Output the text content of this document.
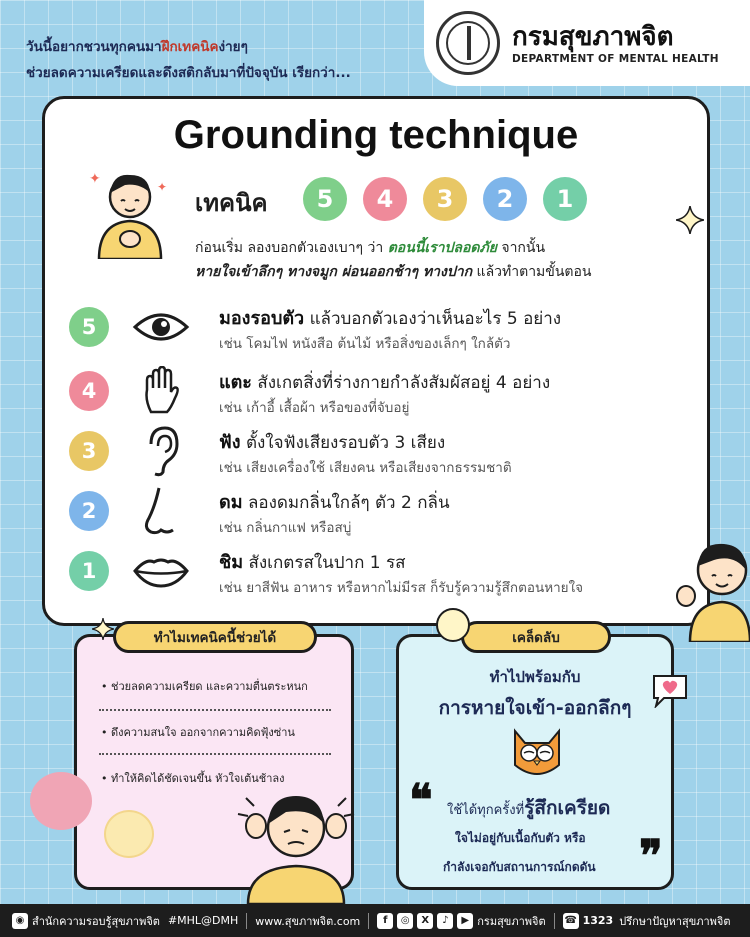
วันนี้อยากชวนทุกคนมาฝึกเทคนิคง่ายๆ
ช่วยลดความเครียดและดึงสติกลับมาที่ปัจจุบัน เรียกว่า...
กรมสุขภาพจิต
DEPARTMENT OF MENTAL HEALTH
Grounding technique
✦	✦
เทคนิค	5	4	3	2	1
ก่อนเริ่ม ลองบอกตัวเองเบาๆ ว่า ตอนนี้เราปลอดภัย จากนั้น
หายใจเข้าลึกๆ ทางจมูก ผ่อนออกช้าๆ ทางปาก แล้วทำตามขั้นตอน
5	มองรอบตัว แล้วบอกตัวเองว่าเห็นอะไร 5 อย่าง
เช่น โคมไฟ หนังสือ ต้นไม้ หรือสิ่งของเล็กๆ ใกล้ตัว
4	แตะ สังเกตสิ่งที่ร่างกายกำลังสัมผัสอยู่ 4 อย่าง
เช่น เก้าอี้ เสื้อผ้า หรือของที่จับอยู่
3	ฟัง ตั้งใจฟังเสียงรอบตัว 3 เสียง
เช่น เสียงเครื่องใช้ เสียงคน หรือเสียงจากธรรมชาติ
2	ดม ลองดมกลิ่นใกล้ๆ ตัว 2 กลิ่น
เช่น กลิ่นกาแฟ หรือสบู่
1	ชิม สังเกตรสในปาก 1 รส
เช่น ยาสีฟัน อาหาร หรือหากไม่มีรส ก็รับรู้ความรู้สึกตอนหายใจ
ทำไมเทคนิคนี้ช่วยได้
• ช่วยลดความเครียด และความตื่นตระหนก
• ดึงความสนใจ ออกจากความคิดฟุ้งซ่าน
• ทำให้คิดได้ชัดเจนขึ้น หัวใจเต้นช้าลง
เคล็ดลับ
ทำไปพร้อมกับ
การหายใจเข้า-ออกลึกๆ
❝ ใช้ได้ทุกครั้งที่รู้สึกเครียด
ใจไม่อยู่กับเนื้อกับตัว หรือ
กำลังเจอกับสถานการณ์กดดัน ❞
◉ สำนักความรอบรู้สุขภาพจิต #MHL@DMH www.สุขภาพจิต.com	f	◎	X	♪	▶ กรมสุขภาพจิต ☎ 1323 ปรึกษาปัญหาสุขภาพจิต
